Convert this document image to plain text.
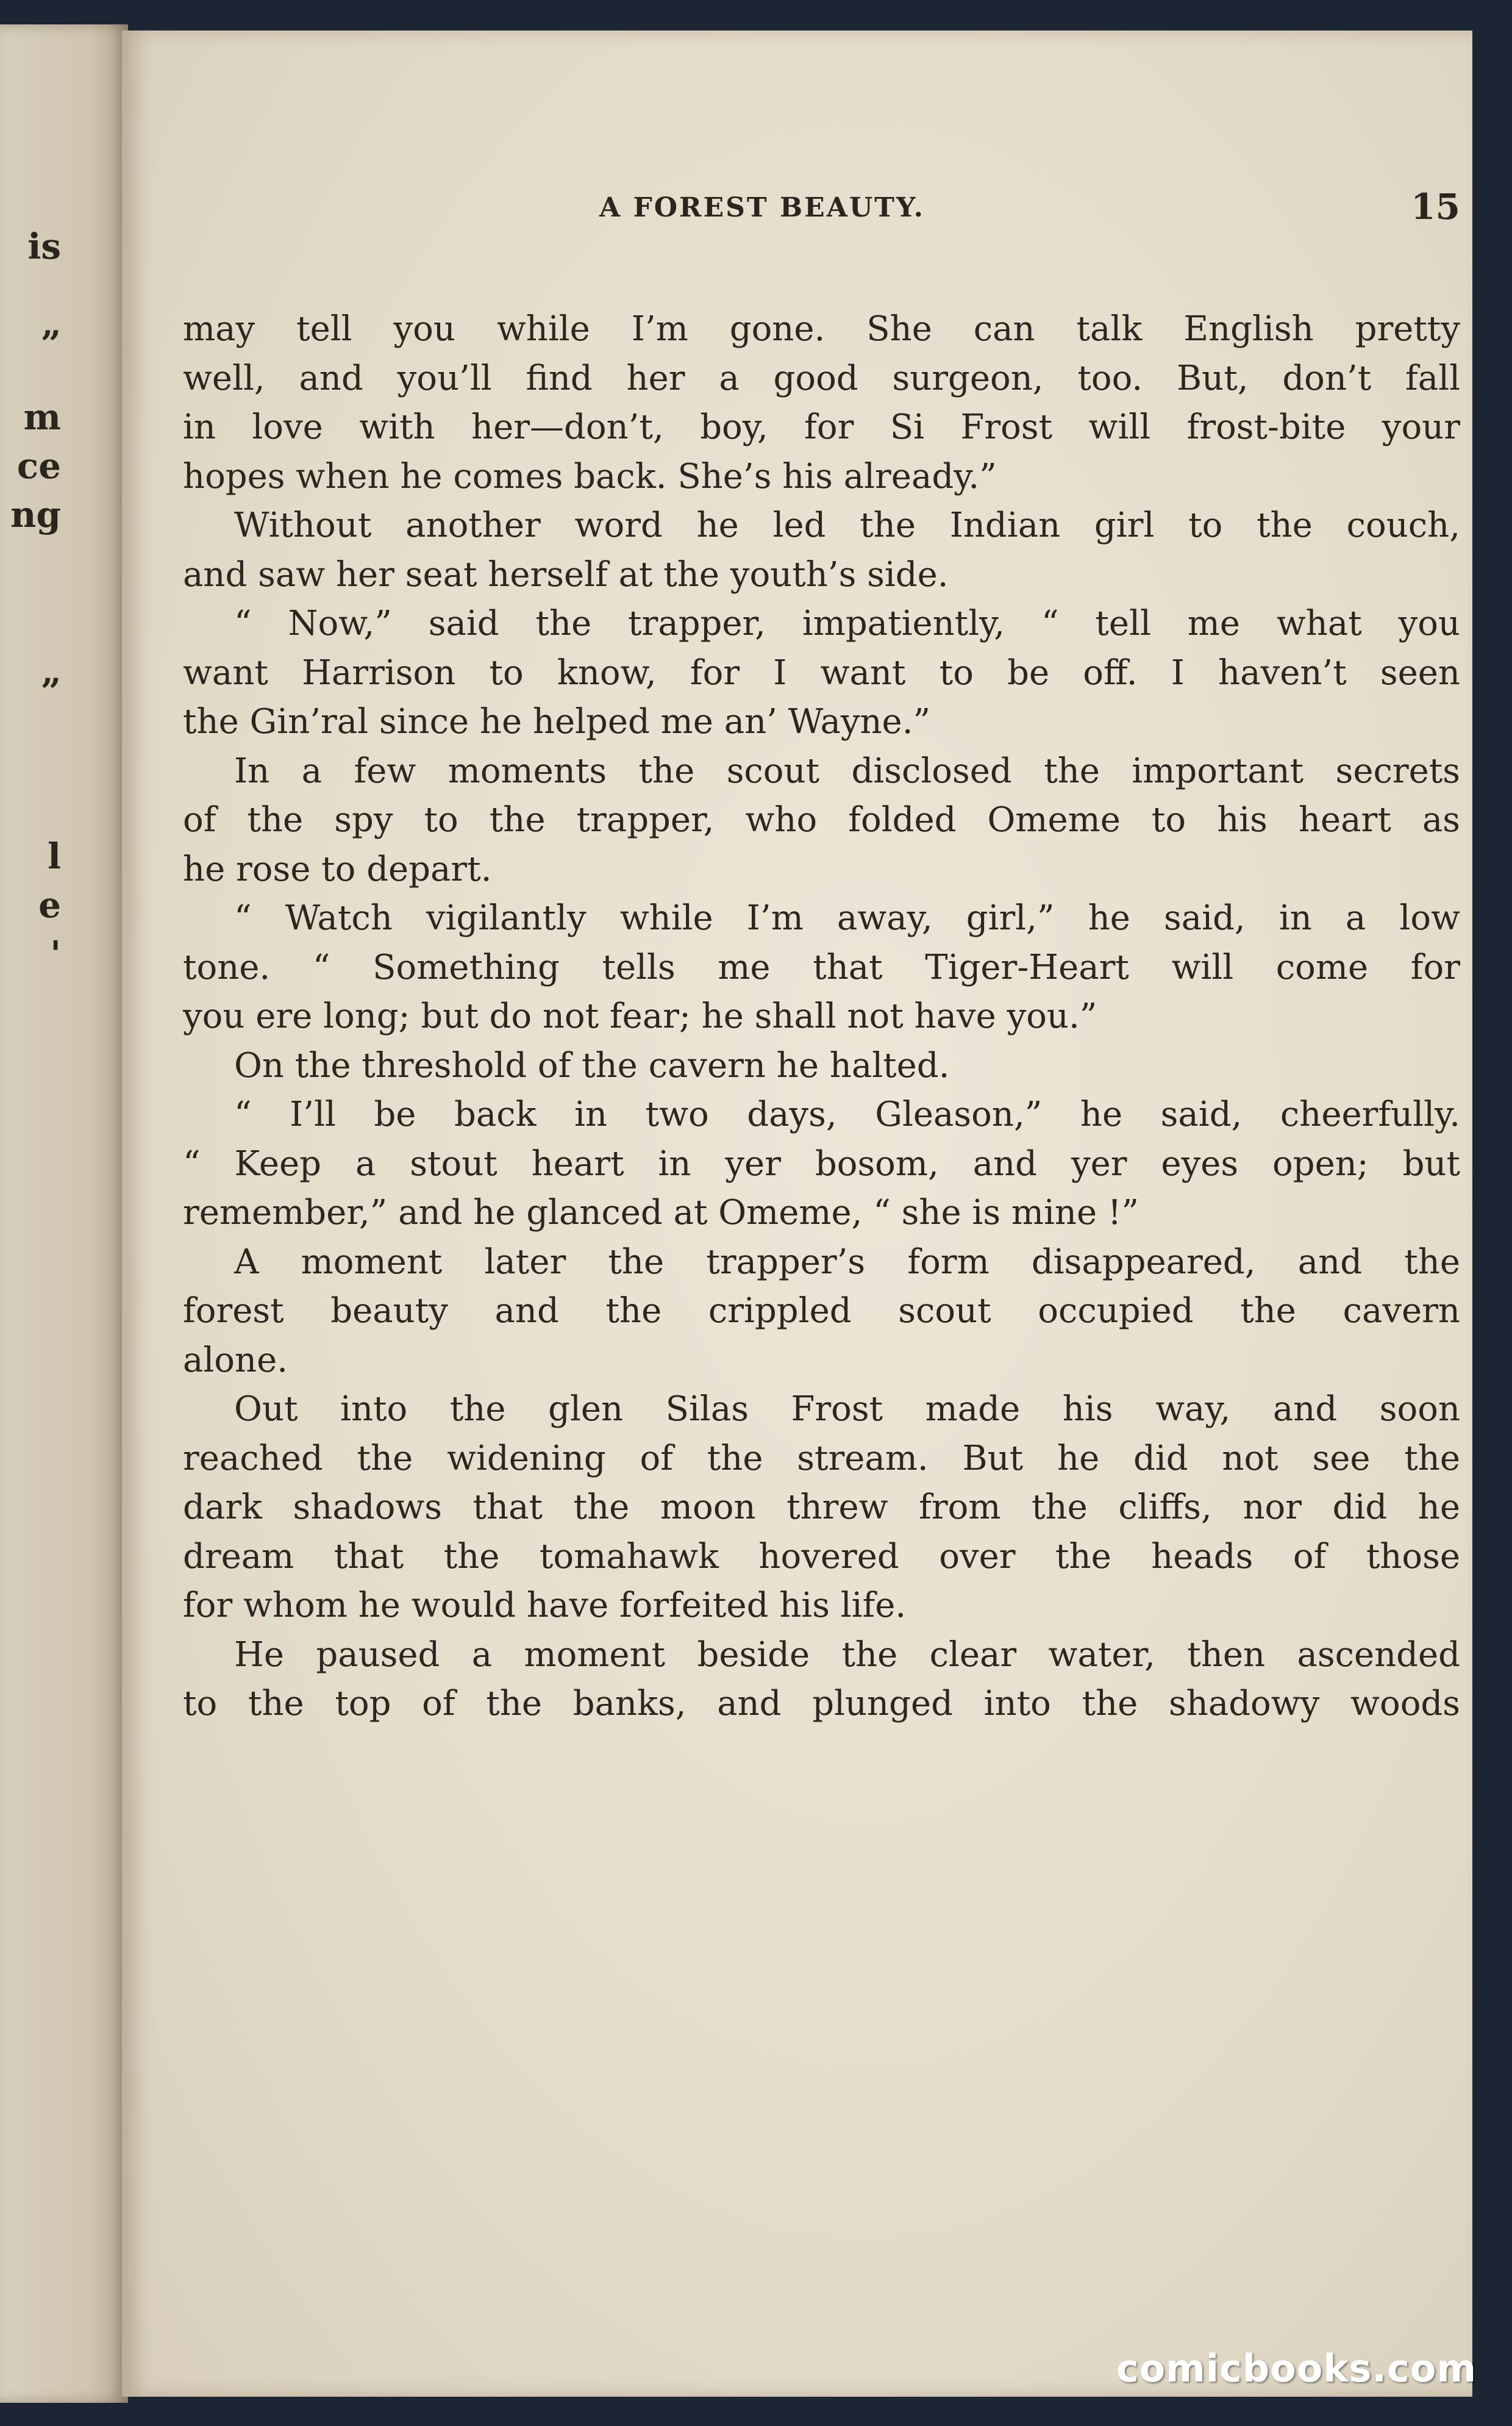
is
”
m
ce
ng
”
l
e
'
A FOREST BEAUTY.	15
may tell you while I’m gone. She can talk English pretty
well, and you’ll find her a good surgeon, too. But, don’t fall
in love with her—don’t, boy, for Si Frost will frost-bite your
hopes when he comes back. She’s his already.”
Without another word he led the Indian girl to the couch,
and saw her seat herself at the youth’s side.
“ Now,” said the trapper, impatiently, “ tell me what you
want Harrison to know, for I want to be off. I haven’t seen
the Gin’ral since he helped me an’ Wayne.”
In a few moments the scout disclosed the important secrets
of the spy to the trapper, who folded Omeme to his heart as
he rose to depart.
“ Watch vigilantly while I’m away, girl,” he said, in a low
tone. “ Something tells me that Tiger-Heart will come for
you ere long; but do not fear; he shall not have you.”
On the threshold of the cavern he halted.
“ I’ll be back in two days, Gleason,” he said, cheerfully.
“ Keep a stout heart in yer bosom, and yer eyes open; but
remember,” and he glanced at Omeme, “ she is mine !”
A moment later the trapper’s form disappeared, and the
forest beauty and the crippled scout occupied the cavern
alone.
Out into the glen Silas Frost made his way, and soon
reached the widening of the stream. But he did not see the
dark shadows that the moon threw from the cliffs, nor did he
dream that the tomahawk hovered over the heads of those
for whom he would have forfeited his life.
He paused a moment beside the clear water, then ascended
to the top of the banks, and plunged into the shadowy woods
comicbooks.com
